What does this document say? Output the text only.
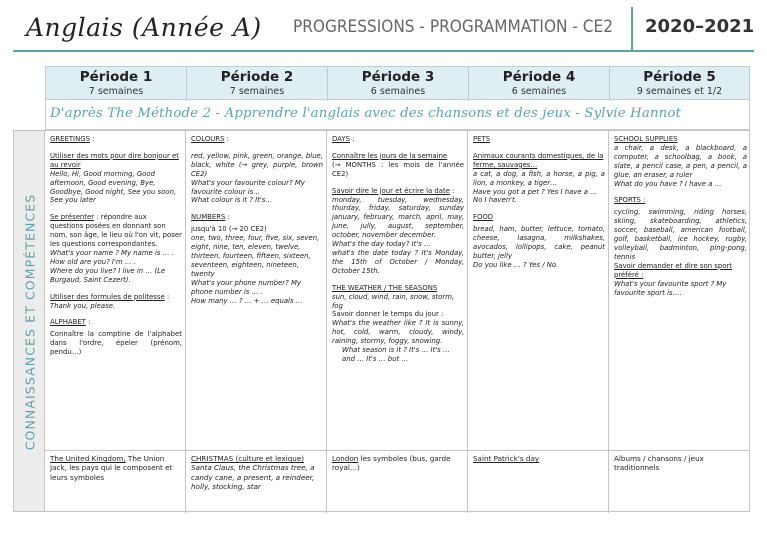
Anglais (Année A) PROGRESSIONS - PROGRAMMATION - CE2 2020–2021
Période 1
7 semaines
Période 2
7 semaines
Période 3
6 semaines
Période 4
6 semaines
Période 5
9 semaines et 1/2
D'après The Méthode 2 - Apprendre l'anglais avec des chansons et des jeux - Sylvie Hannot
CONNAISSANCES ET COMPÉTENCES

GREETINGS :

Utiliser des mots pour dire bonjour et au revoir

Hello, Hi, Good morning, Good afternoon, Good evening, Bye, Goodbye, Good night, See you soon, See you later

Se présenter : répondre aux questions posées en donnant son nom, son âge, le lieu où l'on vit, poser les questions correspondantes.

What's your name ? My name is … . How old are you? I'm … .

Where do you live? I live in … (Le Burgaud, Saint Cezert).

Utiliser des formules de politesse :

Thank you, please.

ALPHABET :

Connaître la comptine de l'alphabet dans l'ordre, épeler (prénom, pendu…)

The United Kingdom, The Union Jack, les pays qui le composent et leurs symboles

COLOURS :

red, yellow, pink, green, orange, blue, black, white (→ grey, purple, brown CE2)

What's your favourite colour? My favourite colour is…

What colour is it ? It's…

NUMBERS :

jusqu'à 10 (→ 20 CE2)

one, two, three, four, five, six, seven, eight, nine, ten, eleven, twelve, thirteen, fourteen, fifteen, sixteen, seventeen, eighteen, nineteen, twenty

What's your phone number? My phone number is … .

How many … ? … + … equals …

CHRISTMAS (culture et lexique)

Santa Claus, the Christmas tree, a candy cane, a present, a reindeer, holly, stocking, star

DAYS :

Connaître les jours de la semaine

(→ MONTHS : les mois de l'année CE2)

Savoir dire le jour et écrire la date :

monday, tuesday, wednesday, thurday, friday, saturday, sunday january, february, march, april, may, june, jully, august, september, october, november december.

What's the day today? It's …

what's the date today ? It's Monday, the 15th of October / Monday, October 15th.

THE WEATHER / THE SEASONS

sun, cloud, wind, rain, snow, storm, fog

Savoir donner le temps du jour :

What's the weather like ? It is sunny, hot, cold, warm, cloudy, windy, raining, stormy, foggy, snowing.

What season is it ? It's … It's … and … It's … but …

London les symboles (bus, garde royal…)

PETS

Animaux courants domestiques, de la ferme, sauvages…

a cat, a dog, a fish, a horse, a pig, a lion, a monkey, a tiger…

Have you got a pet ? Yes I have a …No I haven't.

FOOD

bread, ham, butter, lettuce, tomato, cheese, lasagna, milkshakes, avocados, lollipops, cake, peanut butter, jelly

Do you like … ? Yes / No.

Saint Patrick's day

SCHOOL SUPPLIES

a chair, a desk, a blackboard, a computer, a schoolbag, a book, a slate, a pencil case, a pen, a pencil, a glue, an eraser, a ruler

What do you have ? I have a …

SPORTS :

cycling, swimming, riding horses, skiing, skateboarding, athletics, soccer, baseball, american football, golf, basketball, ice hockey, rugby, volleyball, badminton, ping-pong, tennis

Savoir demander et dire son sport préféré :

What's your favourite sport ? My favourite sport is….

Albums / chansons / jeux traditionnels
